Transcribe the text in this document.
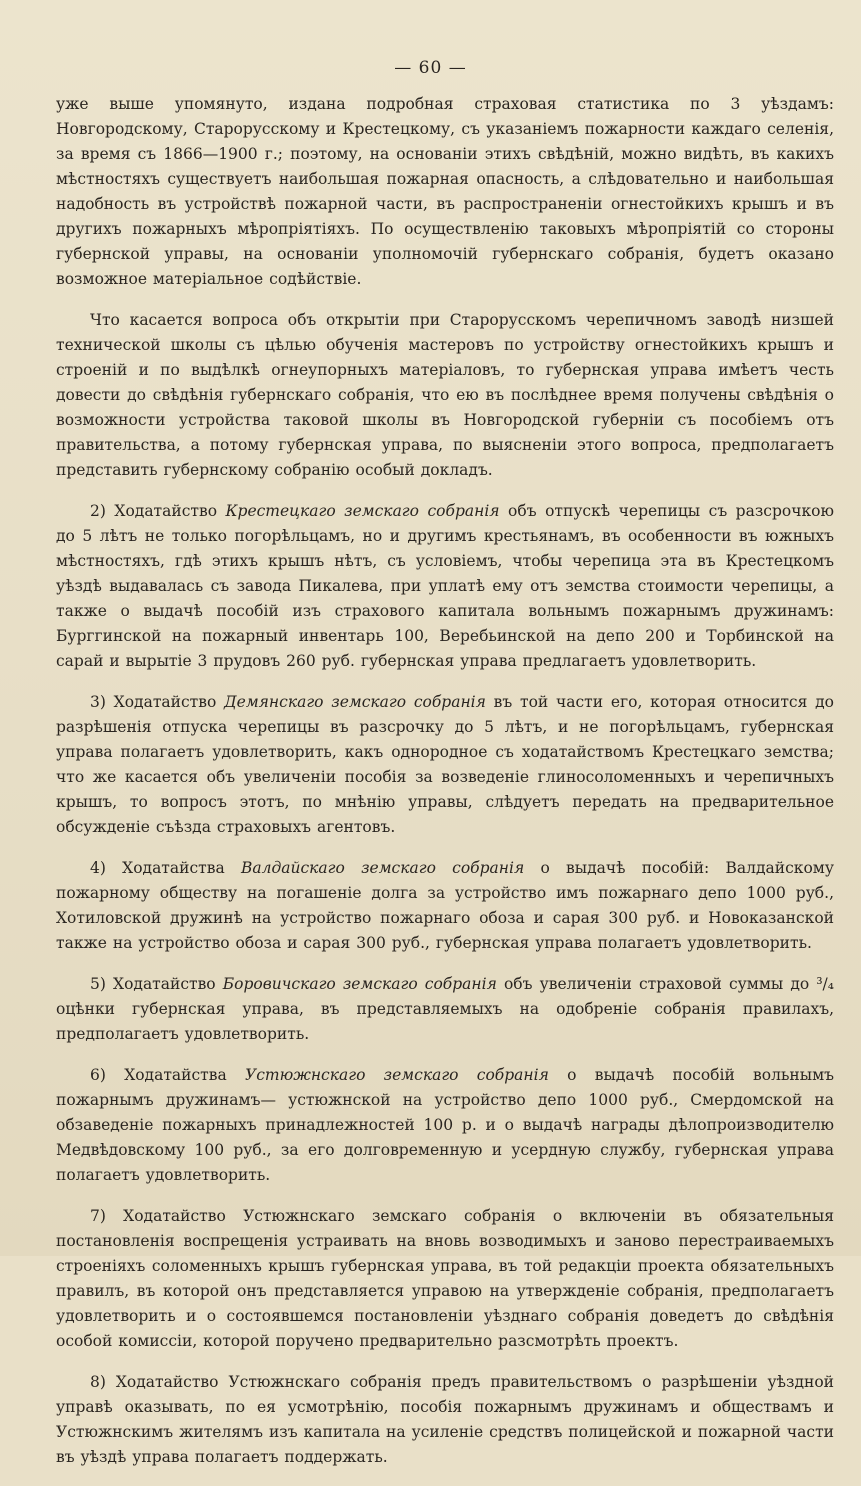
— 60 —

уже выше упомянуто, издана подробная страховая статистика по 3 уѣздамъ: Новгородскому, Старорусскому и Крестецкому, съ указаніемъ пожарности каждаго селенія, за время съ 1866—1900 г.; поэтому, на основаніи этихъ свѣдѣній, можно видѣть, въ какихъ мѣстностяхъ существуетъ наибольшая пожарная опасность, а слѣдовательно и наибольшая надобность въ устройствѣ пожарной части, въ распространеніи огнестойкихъ крышъ и въ другихъ пожарныхъ мѣропріятіяхъ. По осуществленію таковыхъ мѣропріятій со стороны губернской управы, на основаніи уполномочій губернскаго собранія, будетъ оказано возможное матеріальное содѣйствіе.

Что касается вопроса объ открытіи при Старорусскомъ черепичномъ заводѣ низшей технической школы съ цѣлью обученія мастеровъ по устройству огнестойкихъ крышъ и строеній и по выдѣлкѣ огнеупорныхъ матеріаловъ, то губернская управа имѣетъ честь довести до свѣдѣнія губернскаго собранія, что ею въ послѣднее время получены свѣдѣнія о возможности устройства таковой школы въ Новгородской губерніи съ пособіемъ отъ правительства, а потому губернская управа, по выясненіи этого вопроса, предполагаетъ представить губернскому собранію особый докладъ.

2) Ходатайство Крестецкаго земскаго собранія объ отпускѣ черепицы съ разсрочкою до 5 лѣтъ не только погорѣльцамъ, но и другимъ крестьянамъ, въ особенности въ южныхъ мѣстностяхъ, гдѣ этихъ крышъ нѣтъ, съ условіемъ, чтобы черепица эта въ Крестецкомъ уѣздѣ выдавалась съ завода Пикалева, при уплатѣ ему отъ земства стоимости черепицы, а также о выдачѣ пособій изъ страхового капитала вольнымъ пожарнымъ дружинамъ: Бурггинской на пожарный инвентарь 100, Веребьинской на депо 200 и Торбинской на сарай и вырытіе 3 прудовъ 260 руб. губернская управа предлагаетъ удовлетворить.

3) Ходатайство Демянскаго земскаго собранія въ той части его, которая относится до разрѣшенія отпуска черепицы въ разсрочку до 5 лѣтъ, и не погорѣльцамъ, губернская управа полагаетъ удовлетворить, какъ однородное съ ходатайствомъ Крестецкаго земства; что же касается объ увеличеніи пособія за возведеніе глиносоломенныхъ и черепичныхъ крышъ, то вопросъ этотъ, по мнѣнію управы, слѣдуетъ передать на предварительное обсужденіе съѣзда страховыхъ агентовъ.

4) Ходатайства Валдайскаго земскаго собранія о выдачѣ пособій: Валдайскому пожарному обществу на погашеніе долга за устройство имъ пожарнаго депо 1000 руб., Хотиловской дружинѣ на устройство пожарнаго обоза и сарая 300 руб. и Новоказанской также на устройство обоза и сарая 300 руб., губернская управа полагаетъ удовлетворить.

5) Ходатайство Боровичскаго земскаго собранія объ увеличеніи страховой суммы до ³/₄ оцѣнки губернская управа, въ представляемыхъ на одобреніе собранія правилахъ, предполагаетъ удовлетворить.

6) Ходатайства Устюжнскаго земскаго собранія о выдачѣ пособій вольнымъ пожарнымъ дружинамъ— устюжнской на устройство депо 1000 руб., Смердомской на обзаведеніе пожарныхъ принадлежностей 100 р. и о выдачѣ награды дѣлопроизводителю Медвѣдовскому 100 руб., за его долговременную и усердную службу, губернская управа полагаетъ удовлетворить.

7) Ходатайство Устюжнскаго земскаго собранія о включеніи въ обязательныя постановленія воспрещенія устраивать на вновь возводимыхъ и заново перестраиваемыхъ строеніяхъ соломенныхъ крышъ губернская управа, въ той редакціи проекта обязательныхъ правилъ, въ которой онъ представляется управою на утвержденіе собранія, предполагаетъ удовлетворить и о состоявшемся постановленіи уѣзднаго собранія доведетъ до свѣдѣнія особой комиссіи, которой поручено предварительно разсмотрѣть проектъ.

8) Ходатайство Устюжнскаго собранія предъ правительствомъ о разрѣшеніи уѣздной управѣ оказывать, по ея усмотрѣнію, пособія пожарнымъ дружинамъ и обществамъ и Устюжнскимъ жителямъ изъ капитала на усиленіе средствъ полицейской и пожарной части въ уѣздѣ управа полагаетъ поддержать.
